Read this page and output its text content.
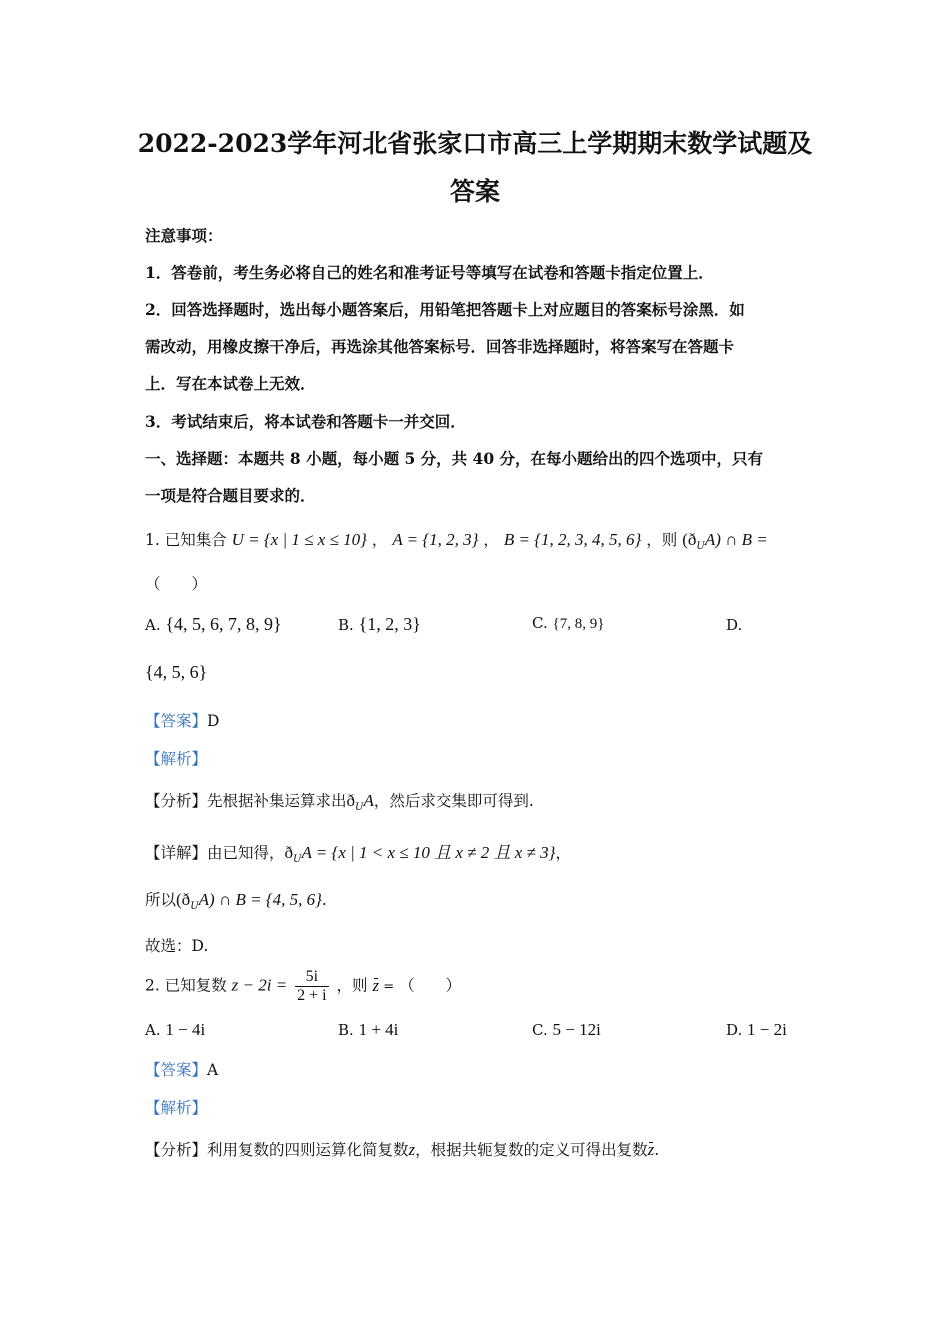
2022-2023学年河北省张家口市高三上学期期末数学试题及
答案
注意事项：
1．答卷前，考生务必将自己的姓名和准考证号等填写在试卷和答题卡指定位置上．
2．回答选择题时，选出每小题答案后，用铅笔把答题卡上对应题目的答案标号涂黑．如
需改动，用橡皮擦干净后，再选涂其他答案标号．回答非选择题时，将答案写在答题卡
上．写在本试卷上无效．
3．考试结束后，将本试卷和答题卡一并交回．
一、选择题：本题共 8 小题，每小题 5 分，共 40 分，在每小题给出的四个选项中，只有
一项是符合题目要求的．
1. 已知集合 U = {x | 1 ≤ x ≤ 10} ， A = {1, 2, 3} ， B = {1, 2, 3, 4, 5, 6} ，则 $(ð_UA)$ ∩ B =
（　　）
A. {4, 5, 6, 7, 8, 9}	B. {1, 2, 3}	C. {7, 8, 9}	D.
{4, 5, 6}
【答案】D
【解析】
【分析】先根据补集运算求出$ð_UA$，然后求交集即可得到.
【详解】由已知得，$ð_UA = \{x$ | 1 < x ≤ 10 且 x ≠ 2 且 x ≠ 3}，
所以$(ð_UA)$ ∩ B = {4, 5, 6}.
故选：D.
2. 已知复数 $z - 2i = \frac{5i}{2 + i}$ ，则 z = （　　）
A. 1 − 4i	B. 1 + 4i	C. 5 − 12i	D. 1 − 2i
【答案】A
【解析】
【分析】利用复数的四则运算化简复数z，根据共轭复数的定义可得出复数z.
